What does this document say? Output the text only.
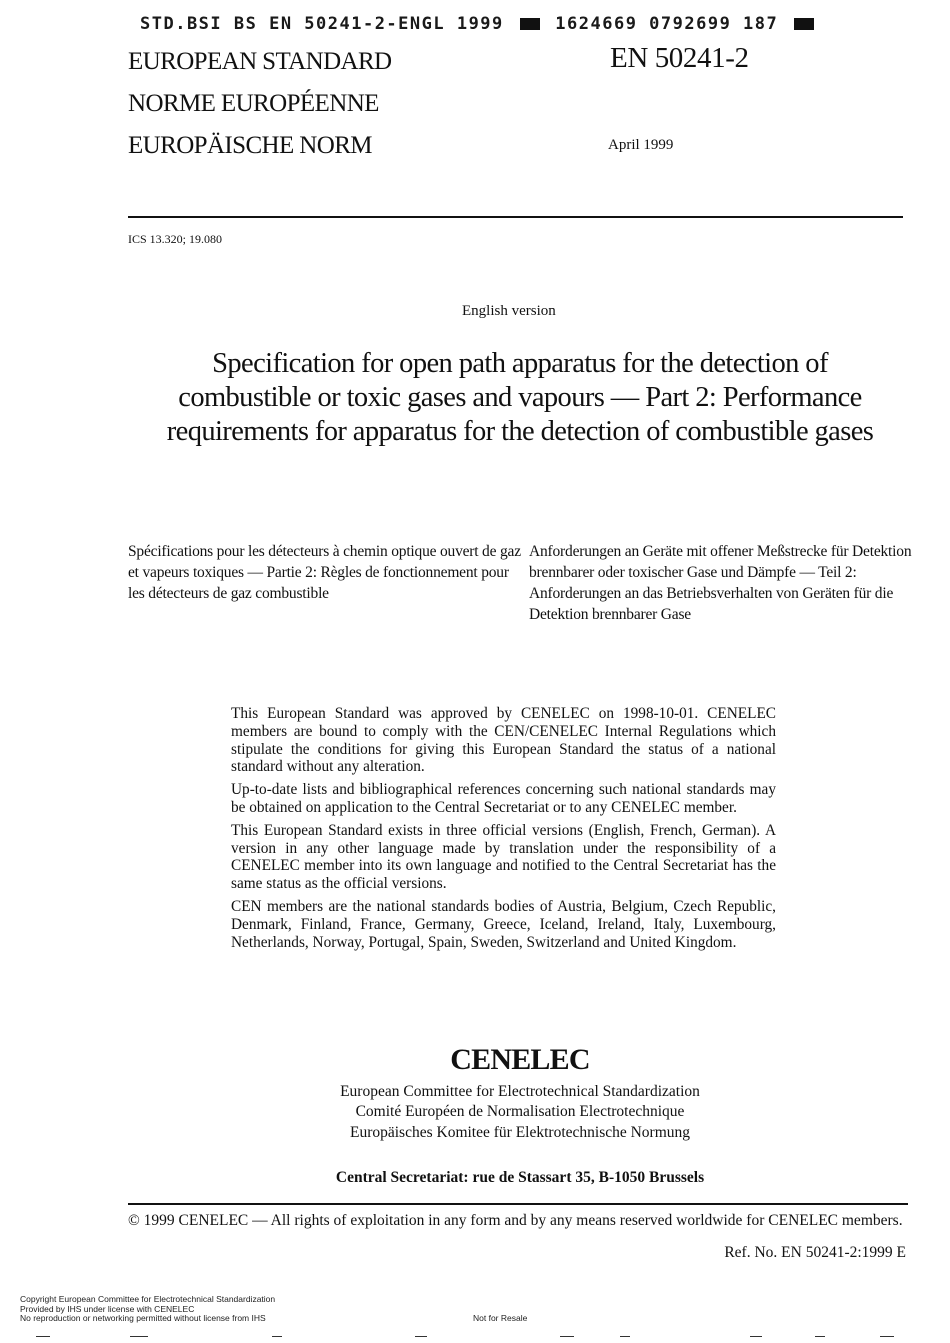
STD.BSI BS EN 50241-2-ENGL 1999	1624669 0792699 187
EUROPEAN STANDARD
NORME EUROPÉENNE
EUROPÄISCHE NORM
EN 50241-2
April 1999
ICS 13.320; 19.080
English version
Specification for open path apparatus for the detection of
combustible or toxic gases and vapours — Part 2: Performance
requirements for apparatus for the detection of combustible gases
Spécifications pour les détecteurs à chemin optique ouvert de gaz et vapeurs toxiques — Partie 2: Règles de fonctionnement pour les détecteurs de gaz combustible
Anforderungen an Geräte mit offener Meßstrecke für Detektion brennbarer oder toxischer Gase und Dämpfe — Teil 2: Anforderungen an das Betriebsverhalten von Geräten für die Detektion brennbarer Gase

This European Standard was approved by CENELEC on 1998-10-01. CENELEC members are bound to comply with the CEN/CENELEC Internal Regulations which stipulate the conditions for giving this European Standard the status of a national standard without any alteration.

Up-to-date lists and bibliographical references concerning such national standards may be obtained on application to the Central Secretariat or to any CENELEC member.

This European Standard exists in three official versions (English, French, German). A version in any other language made by translation under the responsibility of a CENELEC member into its own language and notified to the Central Secretariat has the same status as the official versions.

CEN members are the national standards bodies of Austria, Belgium, Czech Republic, Denmark, Finland, France, Germany, Greece, Iceland, Ireland, Italy, Luxembourg, Netherlands, Norway, Portugal, Spain, Sweden, Switzerland and United Kingdom.

CENELEC
European Committee for Electrotechnical Standardization
Comité Européen de Normalisation Electrotechnique
Europäisches Komitee für Elektrotechnische Normung
Central Secretariat: rue de Stassart 35, B-1050 Brussels
© 1999 CENELEC — All rights of exploitation in any form and by any means reserved worldwide for CENELEC members.
Ref. No. EN 50241-2:1999 E
Copyright European Committee for Electrotechnical Standardization
Provided by IHS under license with CENELEC
No reproduction or networking permitted without license from IHS	Not for Resale
